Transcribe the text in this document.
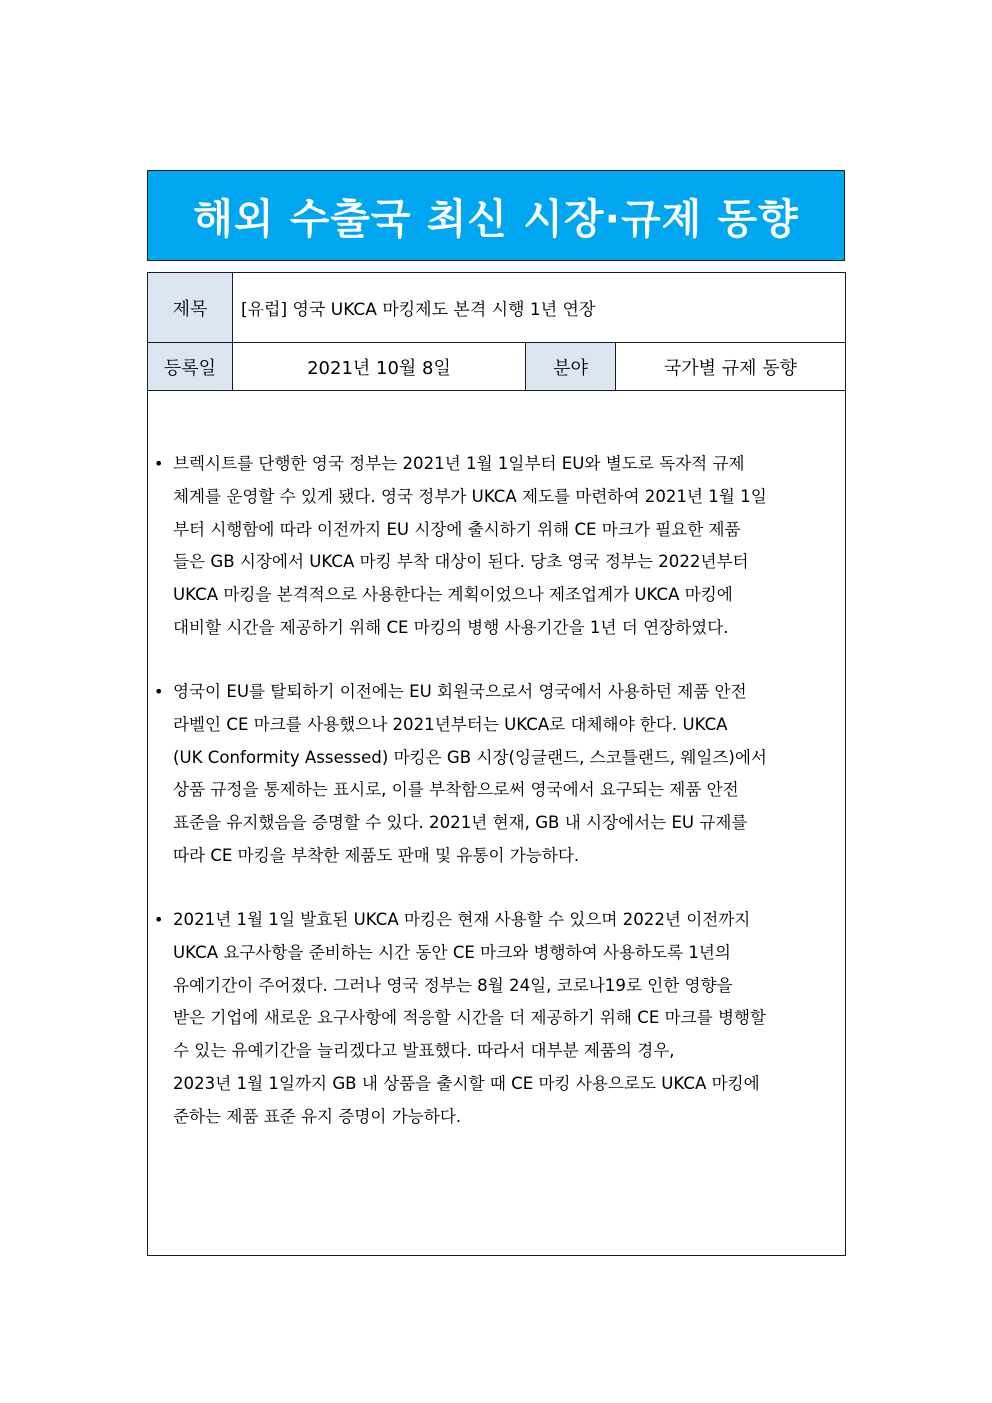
해외 수출국 최신 시장·규제 동향
제목	[유럽] 영국 UKCA 마킹제도 본격 시행 1년 연장
등록일	2021년 10월 8일	분야	국가별 규제 동향
• 브렉시트를 단행한 영국 정부는 2021년 1월 1일부터 EU와 별도로 독자적 규제
체계를 운영할 수 있게 됐다. 영국 정부가 UKCA 제도를 마련하여 2021년 1월 1일
부터 시행함에 따라 이전까지 EU 시장에 출시하기 위해 CE 마크가 필요한 제품
들은 GB 시장에서 UKCA 마킹 부착 대상이 된다. 당초 영국 정부는 2022년부터
UKCA 마킹을 본격적으로 사용한다는 계획이었으나 제조업계가 UKCA 마킹에
대비할 시간을 제공하기 위해 CE 마킹의 병행 사용기간을 1년 더 연장하였다.
• 영국이 EU를 탈퇴하기 이전에는 EU 회원국으로서 영국에서 사용하던 제품 안전
라벨인 CE 마크를 사용했으나 2021년부터는 UKCA로 대체해야 한다. UKCA
(UK Conformity Assessed) 마킹은 GB 시장(잉글랜드, 스코틀랜드, 웨일즈)에서
상품 규정을 통제하는 표시로, 이를 부착함으로써 영국에서 요구되는 제품 안전
표준을 유지했음을 증명할 수 있다. 2021년 현재, GB 내 시장에서는 EU 규제를
따라 CE 마킹을 부착한 제품도 판매 및 유통이 가능하다.
• 2021년 1월 1일 발효된 UKCA 마킹은 현재 사용할 수 있으며 2022년 이전까지
UKCA 요구사항을 준비하는 시간 동안 CE 마크와 병행하여 사용하도록 1년의
유예기간이 주어졌다. 그러나 영국 정부는 8월 24일, 코로나19로 인한 영향을
받은 기업에 새로운 요구사항에 적응할 시간을 더 제공하기 위해 CE 마크를 병행할
수 있는 유예기간을 늘리겠다고 발표했다. 따라서 대부분 제품의 경우,
2023년 1월 1일까지 GB 내 상품을 출시할 때 CE 마킹 사용으로도 UKCA 마킹에
준하는 제품 표준 유지 증명이 가능하다.
